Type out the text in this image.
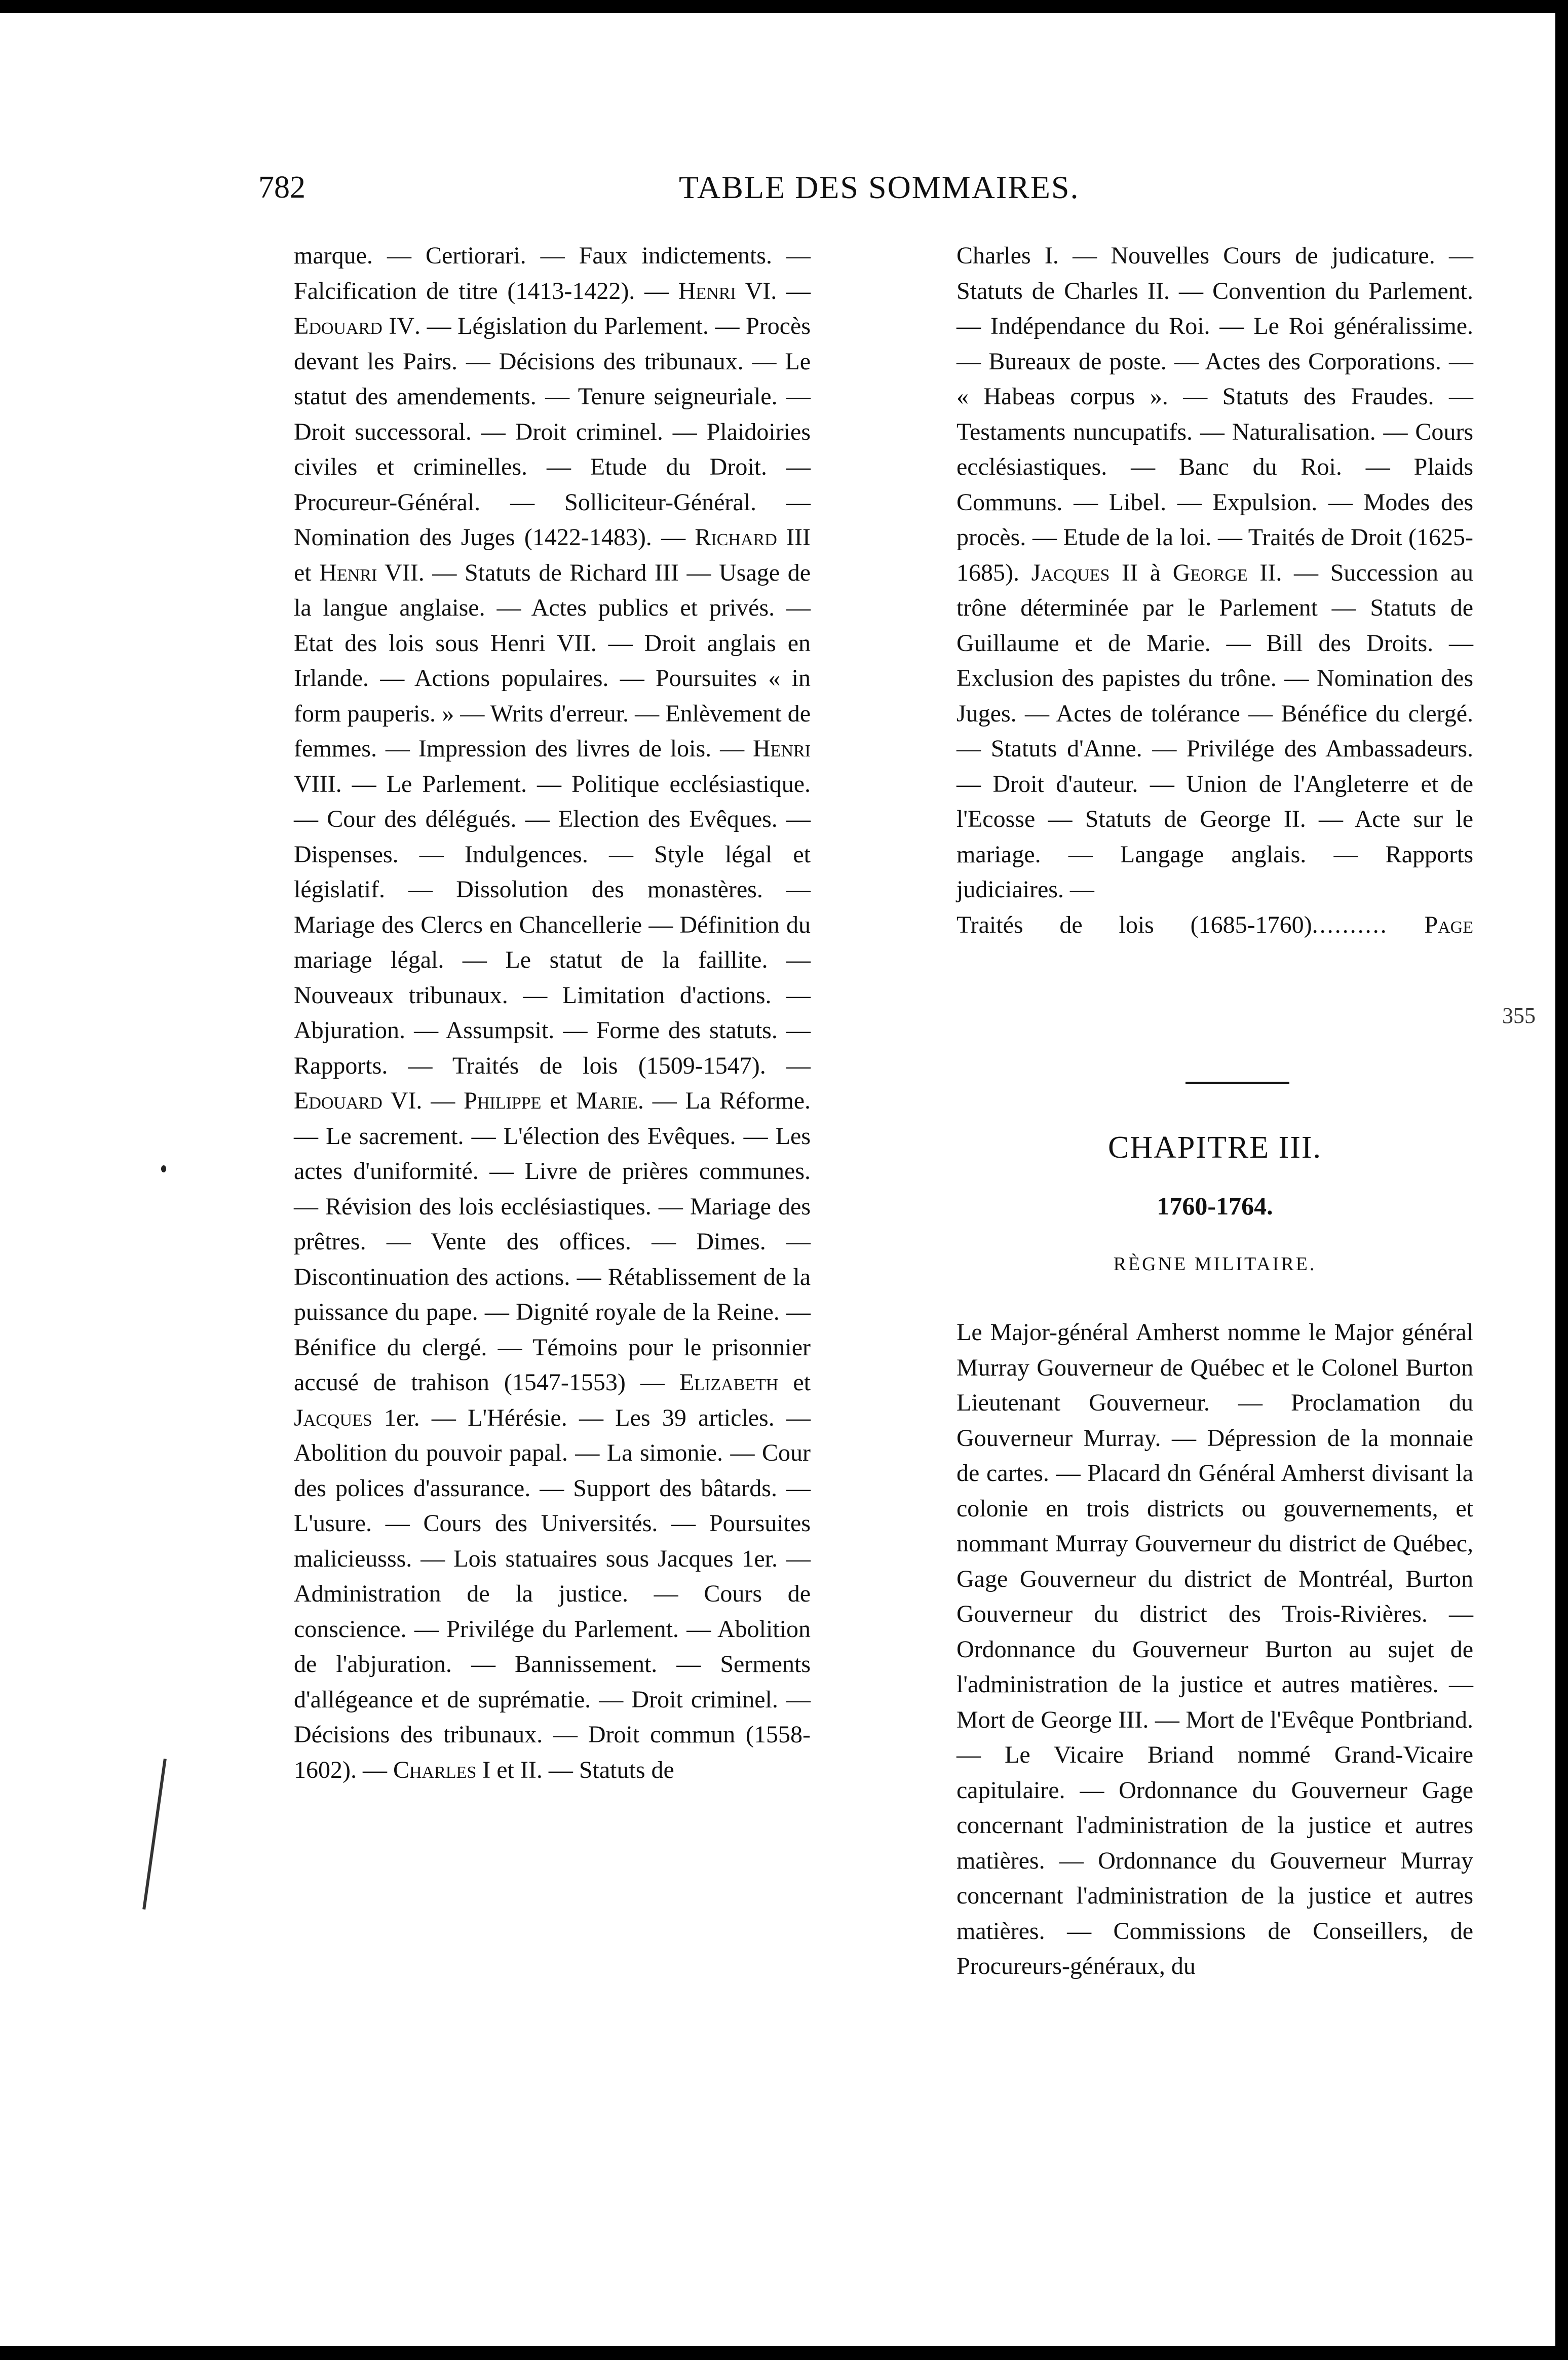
782	TABLE DES SOMMAIRES.
marque. — Certiorari. — Faux indictements. — Falcification de titre (1413-1422). — Henri VI. — Edouard IV. — Législation du Parlement. — Procès devant les Pairs. — Décisions des tribunaux. — Le statut des amendements. — Tenure seigneuriale. — Droit successoral. — Droit criminel. — Plaidoiries civiles et criminelles. — Etude du Droit. — Procureur-Général. — Solliciteur-Général. — Nomination des Juges (1422-1483). — Richard III et Henri VII. — Statuts de Richard III — Usage de la langue anglaise. — Actes publics et privés. — Etat des lois sous Henri VII. — Droit anglais en Irlande. — Actions populaires. — Poursuites « in form pauperis. » — Writs d'erreur. — Enlèvement de femmes. — Impression des livres de lois. — Henri VIII. — Le Parlement. — Politique ecclésiastique. — Cour des délégués. — Election des Evêques. — Dispenses. — Indulgences. — Style légal et législatif. — Dissolution des monastères. — Mariage des Clercs en Chancellerie — Définition du mariage légal. — Le statut de la faillite. — Nouveaux tribunaux. — Limitation d'actions. — Abjuration. — Assumpsit. — Forme des statuts. — Rapports. — Traités de lois (1509-1547). — Edouard VI. — Philippe et Marie. — La Réforme. — Le sacrement. — L'élection des Evêques. — Les actes d'uniformité. — Livre de prières communes. — Révision des lois ecclésiastiques. — Mariage des prêtres. — Vente des offices. — Dimes. — Discontinuation des actions. — Rétablissement de la puissance du pape. — Dignité royale de la Reine. — Bénifice du clergé. — Témoins pour le prisonnier accusé de trahison (1547-1553) — Elizabeth et Jacques 1er. — L'Hérésie. — Les 39 articles. — Abolition du pouvoir papal. — La simonie. — Cour des polices d'assurance. — Support des bâtards. — L'usure. — Cours des Universités. — Poursuites malicieusss. — Lois statuaires sous Jacques 1er. — Administration de la justice. — Cours de conscience. — Privilége du Parlement. — Abolition de l'abjuration. — Bannissement. — Serments d'allégeance et de suprématie. — Droit criminel. — Décisions des tribunaux. — Droit commun (1558-1602). — Charles I et II. — Statuts de
Charles I. — Nouvelles Cours de judicature. — Statuts de Charles II. — Convention du Parlement. — Indépendance du Roi. — Le Roi généralissime. — Bureaux de poste. — Actes des Corporations. — « Habeas corpus ». — Statuts des Fraudes. — Testaments nuncupatifs. — Naturalisation. — Cours ecclésiastiques. — Banc du Roi. — Plaids Communs. — Libel. — Expulsion. — Modes des procès. — Etude de la loi. — Traités de Droit (1625-1685). Jacques II à George II. — Succession au trône déterminée par le Parlement — Statuts de Guillaume et de Marie. — Bill des Droits. — Exclusion des papistes du trône. — Nomination des Juges. — Actes de tolérance — Bénéfice du clergé. — Statuts d'Anne. — Privilége des Ambassadeurs. — Droit d'auteur. — Union de l'Angleterre et de l'Ecosse — Statuts de George II. — Acte sur le mariage. — Langage anglais. — Rapports judiciaires. —
Traités de lois (1685-1760).......... Page
355
CHAPITRE III.
1760-1764.
RÈGNE MILITAIRE.
Le Major-général Amherst nomme le Major général Murray Gouverneur de Québec et le Colonel Burton Lieutenant Gouverneur. — Proclamation du Gouverneur Murray. — Dépression de la monnaie de cartes. — Placard dn Général Amherst divisant la colonie en trois districts ou gouvernements, et nommant Murray Gouverneur du district de Québec, Gage Gouverneur du district de Montréal, Burton Gouverneur du district des Trois-Rivières. — Ordonnance du Gouverneur Burton au sujet de l'administration de la justice et autres matières. — Mort de George III. — Mort de l'Evêque Pontbriand. — Le Vicaire Briand nommé Grand-Vicaire capitulaire. — Ordonnance du Gouverneur Gage concernant l'administration de la justice et autres matières. — Ordonnance du Gouverneur Murray concernant l'administration de la justice et autres matières. — Commissions de Conseillers, de Procureurs-généraux, du
